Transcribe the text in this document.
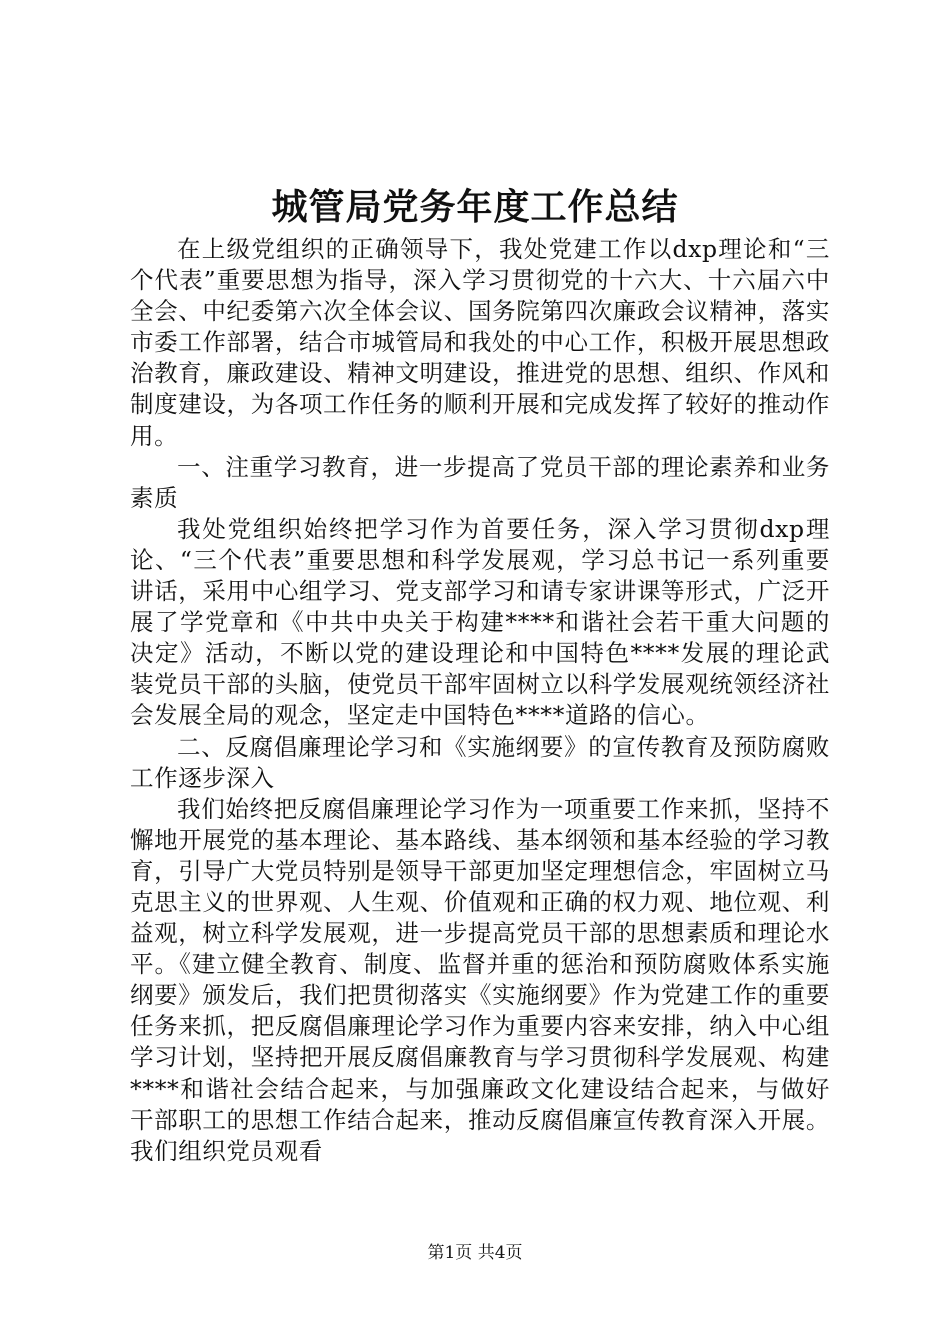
城管局党务年度工作总结

在上级党组织的正确领导下，我处党建工作以dxp理论和“三个代表”重要思想为指导，深入学习贯彻党的十六大、十六届六中全会、中纪委第六次全体会议、国务院第四次廉政会议精神，落实市委工作部署，结合市城管局和我处的中心工作，积极开展思想政治教育，廉政建设、精神文明建设，推进党的思想、组织、作风和制度建设，为各项工作任务的顺利开展和完成发挥了较好的推动作用。

一、注重学习教育，进一步提高了党员干部的理论素养和业务素质

我处党组织始终把学习作为首要任务，深入学习贯彻dxp理论、“三个代表”重要思想和科学发展观，学习总书记一系列重要讲话，采用中心组学习、党支部学习和请专家讲课等形式，广泛开展了学党章和《中共中央关于构建****和谐社会若干重大问题的决定》活动，不断以党的建设理论和中国特色****发展的理论武装党员干部的头脑，使党员干部牢固树立以科学发展观统领经济社会发展全局的观念，坚定走中国特色****道路的信心。

二、反腐倡廉理论学习和《实施纲要》的宣传教育及预防腐败工作逐步深入

我们始终把反腐倡廉理论学习作为一项重要工作来抓，坚持不懈地开展党的基本理论、基本路线、基本纲领和基本经验的学习教育，引导广大党员特别是领导干部更加坚定理想信念，牢固树立马克思主义的世界观、人生观、价值观和正确的权力观、地位观、利益观，树立科学发展观，进一步提高党员干部的思想素质和理论水平。《建立健全教育、制度、监督并重的惩治和预防腐败体系实施纲要》颁发后，我们把贯彻落实《实施纲要》作为党建工作的重要任务来抓，把反腐倡廉理论学习作为重要内容来安排，纳入中心组学习计划，坚持把开展反腐倡廉教育与学习贯彻科学发展观、构建****和谐社会结合起来，与加强廉政文化建设结合起来，与做好干部职工的思想工作结合起来，推动反腐倡廉宣传教育深入开展。我们组织党员观看

第1页 共4页
